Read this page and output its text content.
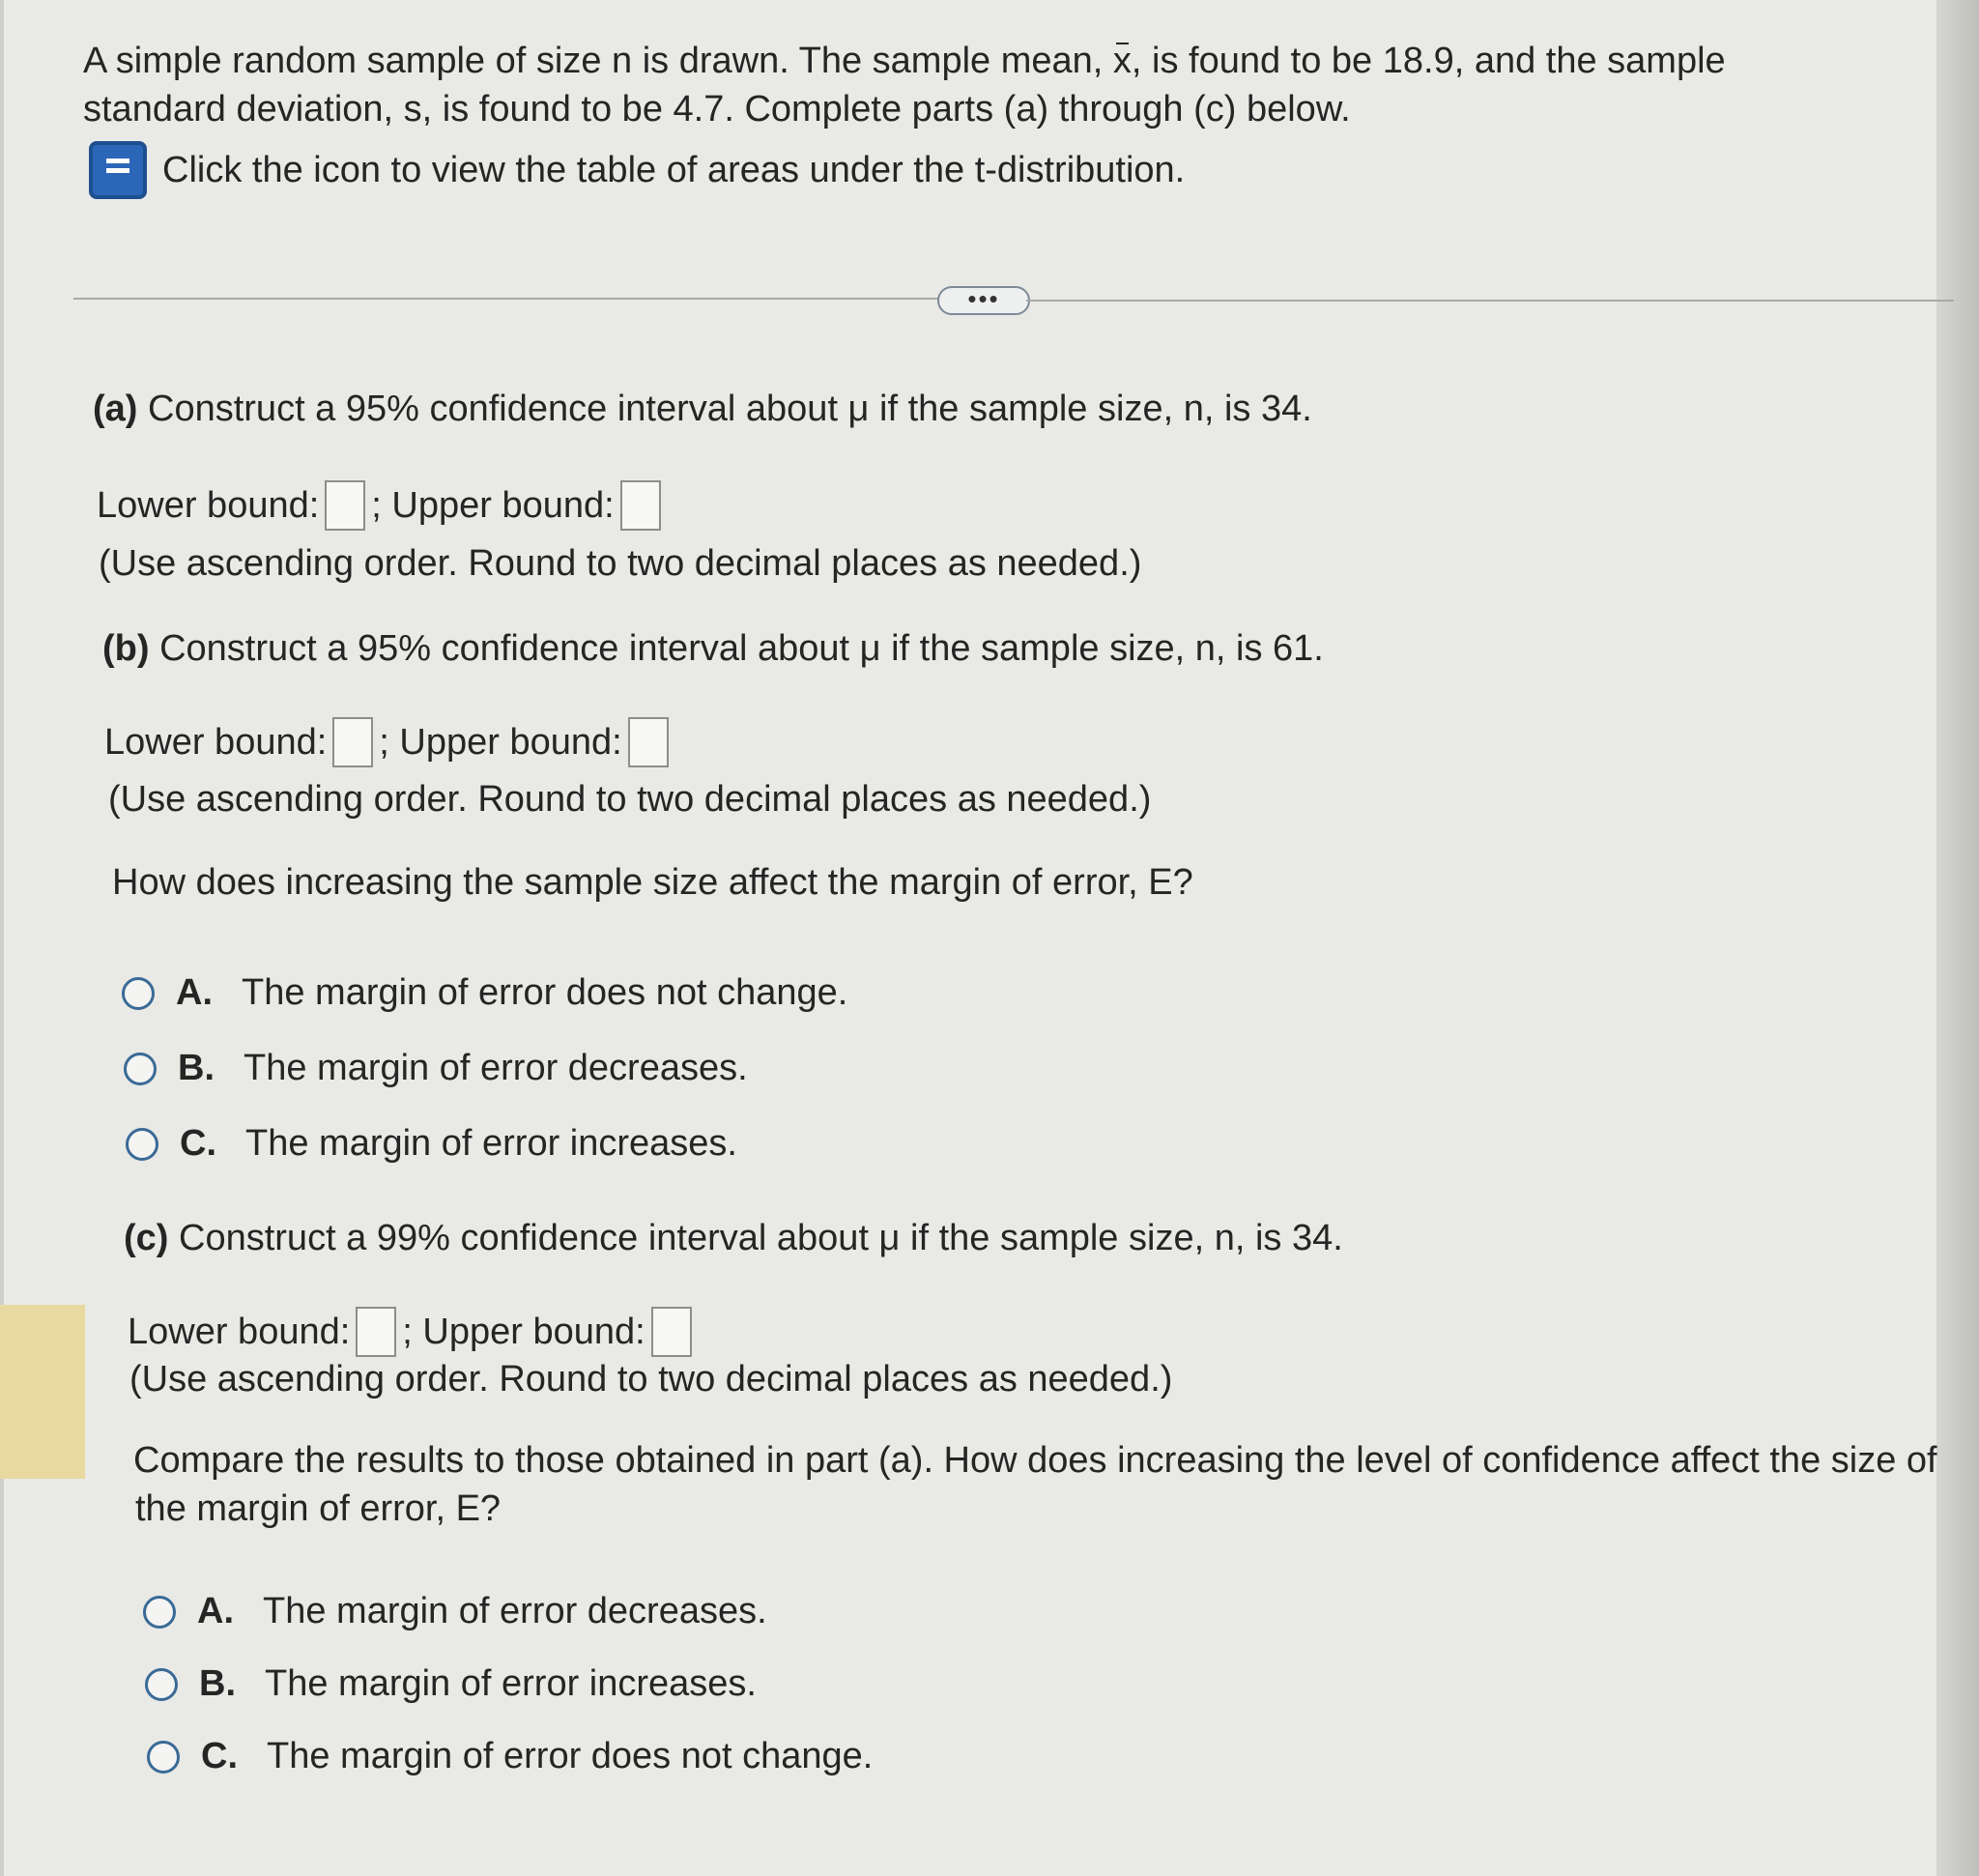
A simple random sample of size n is drawn. The sample mean, x, is found to be 18.9, and the sample standard deviation, s, is found to be 4.7. Complete parts (a) through (c) below.
Click the icon to view the table of areas under the t-distribution.
•••
(a) Construct a 95% confidence interval about μ if the sample size, n, is 34.
Lower bound: ; Upper bound:
(Use ascending order. Round to two decimal places as needed.)
(b) Construct a 95% confidence interval about μ if the sample size, n, is 61.
Lower bound: ; Upper bound:
(Use ascending order. Round to two decimal places as needed.)
How does increasing the sample size affect the margin of error, E?
A. The margin of error does not change.
B. The margin of error decreases.
C. The margin of error increases.
(c) Construct a 99% confidence interval about μ if the sample size, n, is 34.
Lower bound: ; Upper bound:
(Use ascending order. Round to two decimal places as needed.)
Compare the results to those obtained in part (a). How does increasing the level of confidence affect the size of
the margin of error, E?
A. The margin of error decreases.
B. The margin of error increases.
C. The margin of error does not change.
